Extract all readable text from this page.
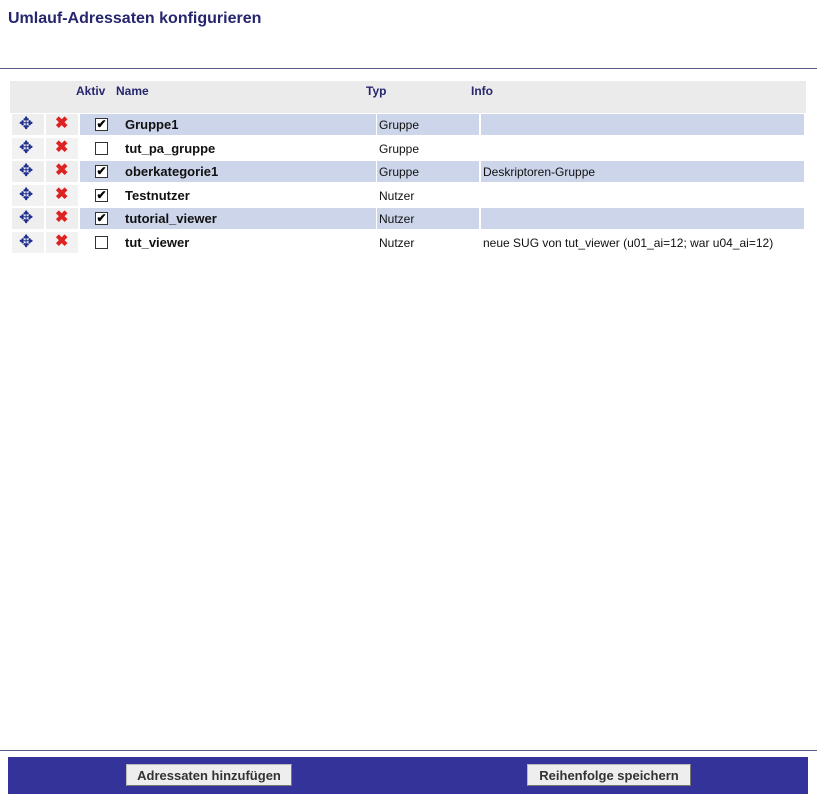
Umlauf-Adressaten konfigurieren
Aktiv Name	Typ	Info
✥ ✖ ✔ Gruppe1	Gruppe
✥ ✖	tut_pa_gruppe	Gruppe
✥ ✖ ✔ oberkategorie1	Gruppe	Deskriptoren-Gruppe
✥ ✖ ✔ Testnutzer	Nutzer
✥ ✖ ✔ tutorial_viewer	Nutzer
✥ ✖	tut_viewer	Nutzer	neue SUG von tut_viewer (u01_ai=12; war u04_ai=12)
Adressaten hinzufügen	Reihenfolge speichern
